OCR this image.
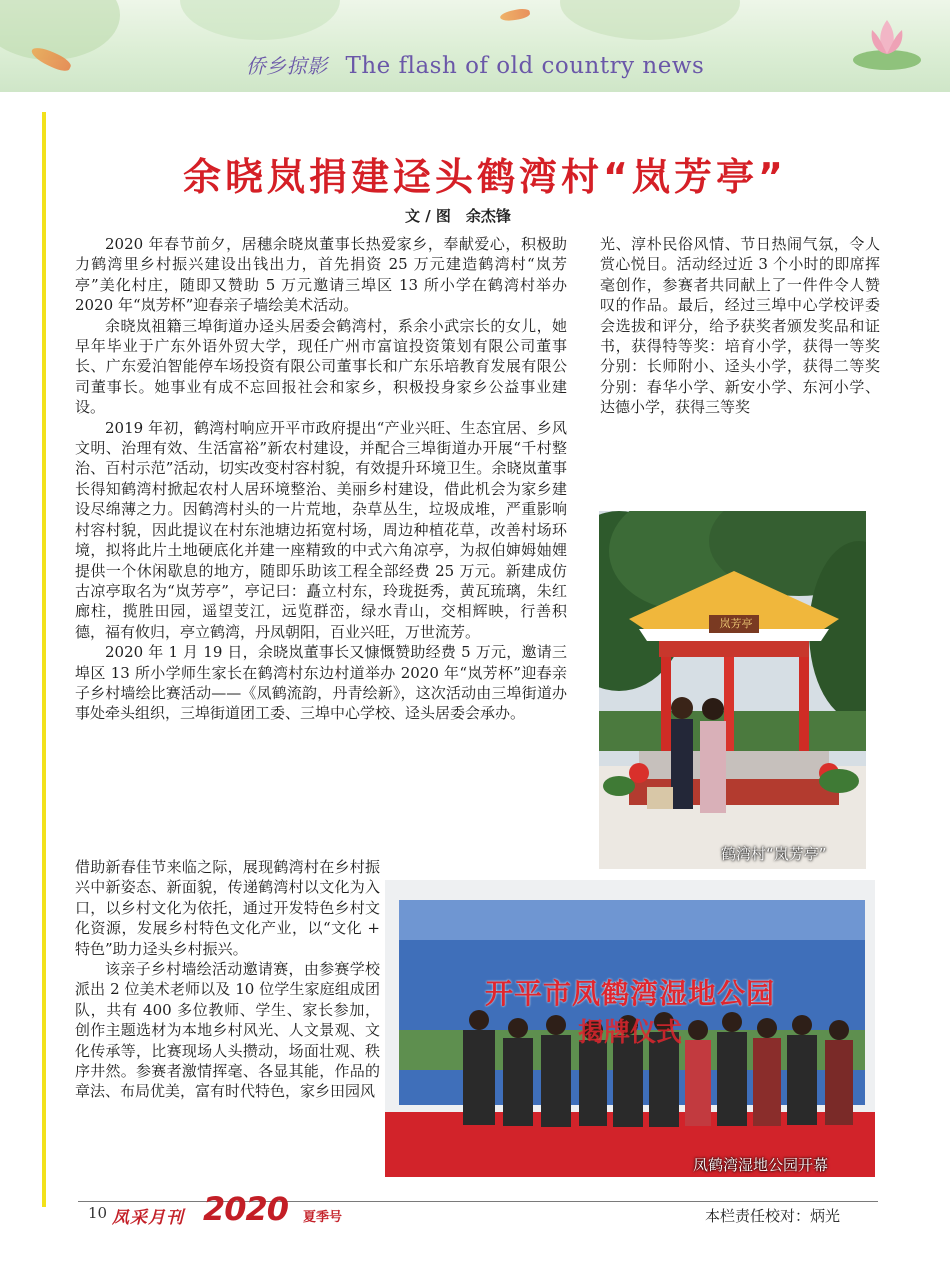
侨乡掠影 The flash of old country news
余晓岚捐建迳头鹤湾村“岚芳亭”
文 / 图　余杰锋

2020 年春节前夕，居穗余晓岚董事长热爱家乡，奉献爱心，积极助力鹤湾里乡村振兴建设出钱出力，首先捐资 25 万元建造鹤湾村“岚芳亭”美化村庄，随即又赞助 5 万元邀请三埠区 13 所小学在鹤湾村举办 2020 年“岚芳杯”迎春亲子墙绘美术活动。

余晓岚祖籍三埠街道办迳头居委会鹤湾村，系余小武宗长的女儿，她早年毕业于广东外语外贸大学，现任广州市富谊投资策划有限公司董事长、广东爱泊智能停车场投资有限公司董事长和广东乐培教育发展有限公司董事长。她事业有成不忘回报社会和家乡，积极投身家乡公益事业建设。

2019 年初，鹤湾村响应开平市政府提出“产业兴旺、生态宜居、乡风文明、治理有效、生活富裕”新农村建设，并配合三埠街道办开展“千村整治、百村示范”活动，切实改变村容村貌，有效提升环境卫生。余晓岚董事长得知鹤湾村掀起农村人居环境整治、美丽乡村建设，借此机会为家乡建设尽绵薄之力。因鹤湾村头的一片荒地，杂草丛生，垃圾成堆，严重影响村容村貌，因此提议在村东池塘边拓宽村场，周边种植花草，改善村场环境，拟将此片土地硬底化并建一座精致的中式六角凉亭，为叔伯婶姆妯娌提供一个休闲歇息的地方，随即乐助该工程全部经费 25 万元。新建成仿古凉亭取名为“岚芳亭”，亭记曰：矗立村东，玲珑挺秀，黄瓦琉璃，朱红廊柱，揽胜田园，遥望芰江，远览群峦，绿水青山，交相辉映，行善积德，福有攸归，亭立鹤湾，丹凤朝阳，百业兴旺，万世流芳。

2020 年 1 月 19 日，余晓岚董事长又慷慨赞助经费 5 万元，邀请三埠区 13 所小学师生家长在鹤湾村东边村道举办 2020 年“岚芳杯”迎春亲子乡村墙绘比赛活动——《凤鹤流韵，丹青绘新》，这次活动由三埠街道办事处牵头组织，三埠街道团工委、三埠中心学校、迳头居委会承办。

借助新春佳节来临之际，展现鹤湾村在乡村振兴中新姿态、新面貌，传递鹤湾村以文化为入口，以乡村文化为依托，通过开发特色乡村文化资源，发展乡村特色文化产业，以“文化 + 特色”助力迳头乡村振兴。

该亲子乡村墙绘活动邀请赛，由参赛学校派出 2 位美术老师以及 10 位学生家庭组成团队，共有 400 多位教师、学生、家长参加，创作主题选材为本地乡村风光、人文景观、文化传承等，比赛现场人头攒动，场面壮观、秩序井然。参赛者激情挥毫、各显其能，作品的章法、布局优美，富有时代特色，家乡田园风

光、淳朴民俗风情、节日热闹气氛，令人赏心悦目。活动经过近 3 个小时的即席挥毫创作，参赛者共同献上了一件件令人赞叹的作品。最后，经过三埠中心学校评委会选拔和评分，给予获奖者颁发奖品和证书，获得特等奖：培育小学，获得一等奖分别：长师附小、迳头小学，获得二等奖分别：春华小学、新安小学、东河小学、达德小学，获得三等奖

岚芳亭
鹤湾村“岚芳亭”
开平市凤鹤湾湿地公园
揭牌仪式
凤鹤湾湿地公园开幕
10 凤采月刊 2020 夏季号	本栏责任校对：炳光
